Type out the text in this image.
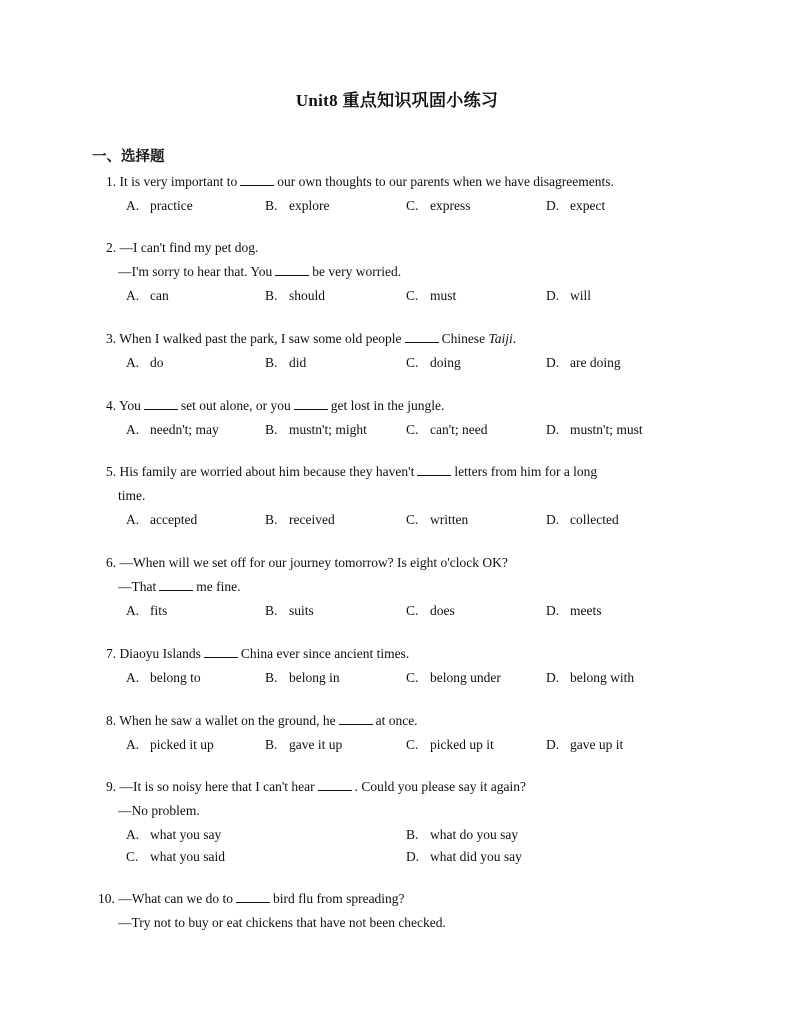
Unit8 重点知识巩固小练习
一、选择题
1. It is very important to	our own thoughts to our parents when we have disagreements.
A. practice	B. explore	C. express	D. expect
2. —I can't find my pet dog.
—I'm sorry to hear that. You	be very worried.
A. can	B. should	C. must	D. will
3. When I walked past the park, I saw some old people	Chinese Taiji.
A. do	B. did	C. doing	D. are doing
4. You	set out alone, or you	get lost in the jungle.
A. needn't; may	B. mustn't; might	C. can't; need	D. mustn't; must
5. His family are worried about him because they haven't	letters from him for a long
time.
A. accepted	B. received	C. written	D. collected
6. —When will we set off for our journey tomorrow? Is eight o'clock OK?
—That	me fine.
A. fits	B. suits	C. does	D. meets
7. Diaoyu Islands	China ever since ancient times.
A. belong to	B. belong in	C. belong under	D. belong with
8. When he saw a wallet on the ground, he	at once.
A. picked it up	B. gave it up	C. picked up it	D. gave up it
9. —It is so noisy here that I can't hear	. Could you please say it again?
—No problem.
A. what you say	B. what do you say
C. what you said	D. what did you say
10. —What can we do to	bird flu from spreading?
—Try not to buy or eat chickens that have not been checked.
